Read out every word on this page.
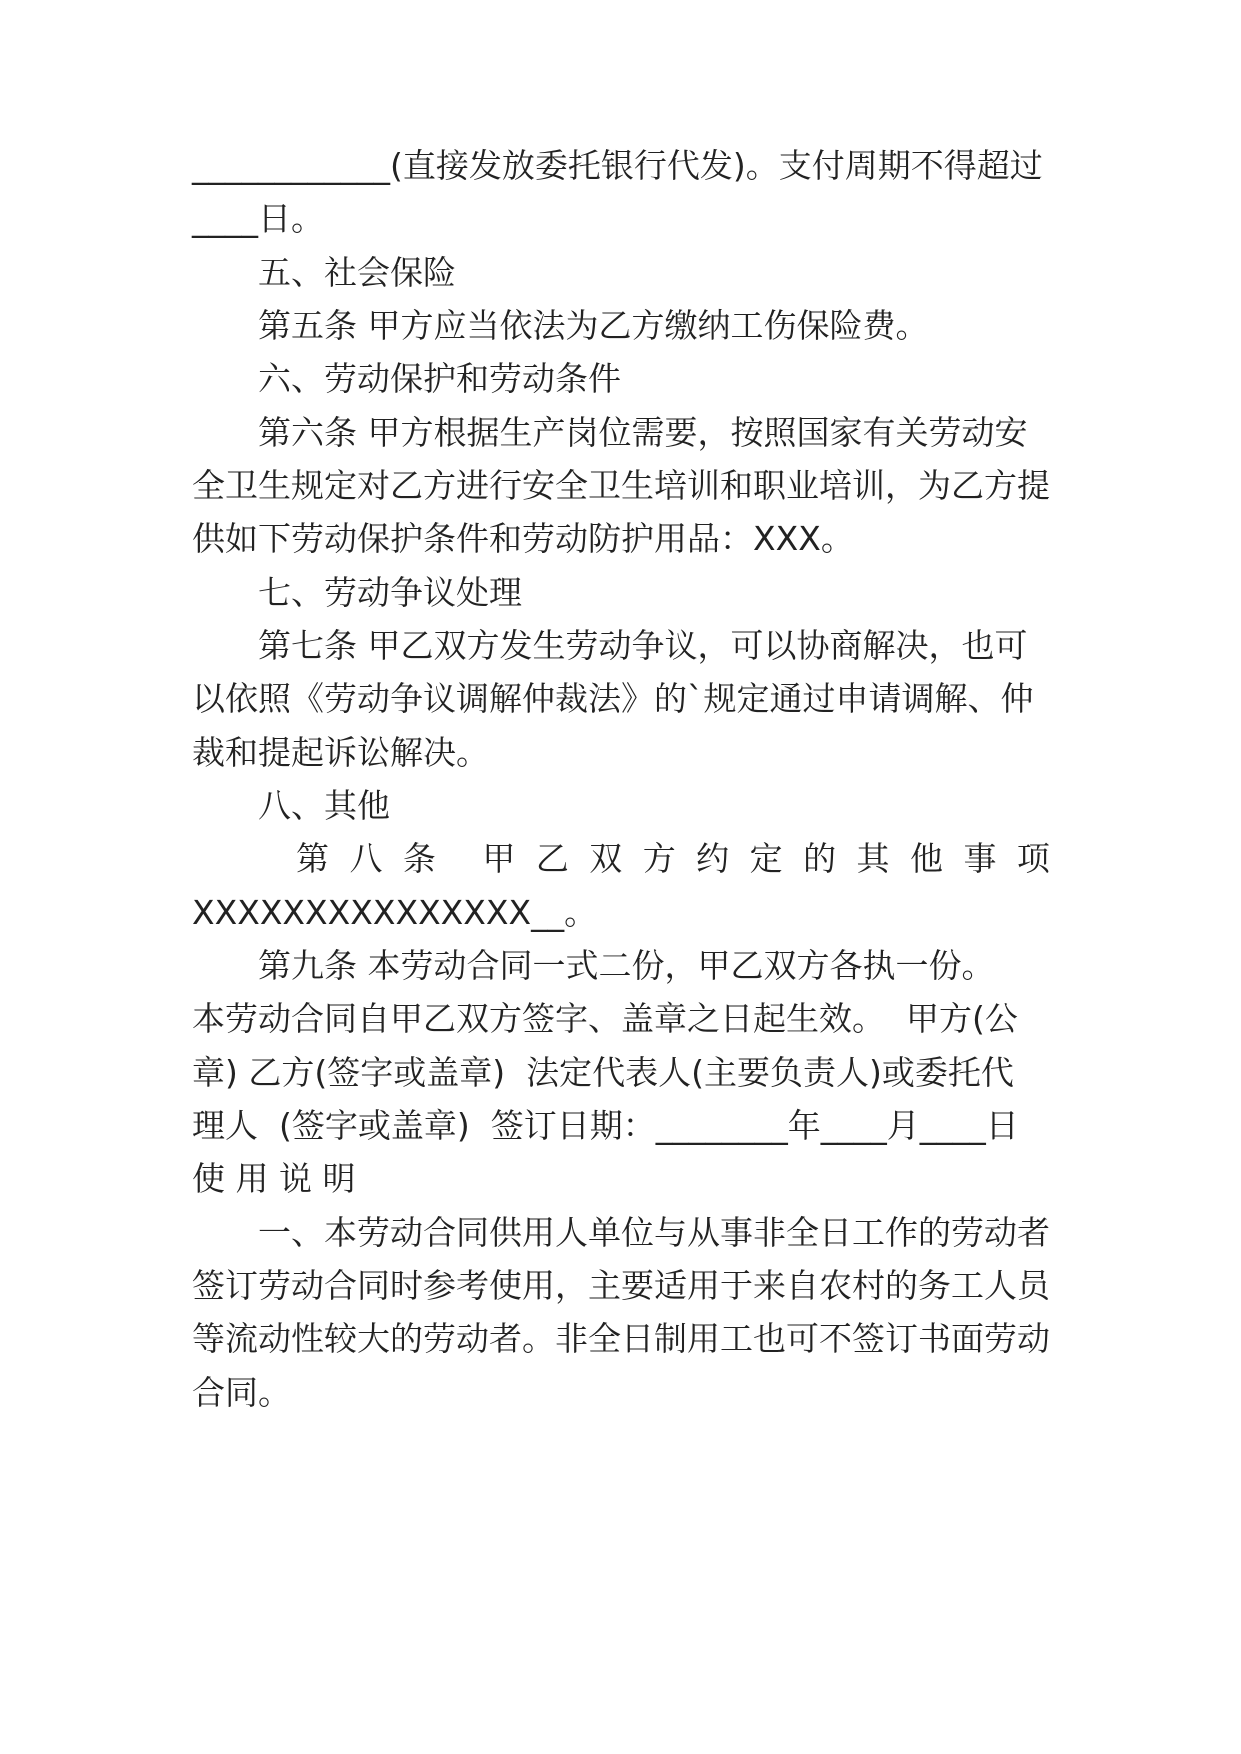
____________(直接发放委托银行代发)。支付周期不得超过
____日。
五、社会保险
第五条 甲方应当依法为乙方缴纳工伤保险费。
六、劳动保护和劳动条件
第六条 甲方根据生产岗位需要，按照国家有关劳动安
全卫生规定对乙方进行安全卫生培训和职业培训，为乙方提
供如下劳动保护条件和劳动防护用品：XXX。
七、劳动争议处理
第七条 甲乙双方发生劳动争议，可以协商解决，也可
以依照《劳动争议调解仲裁法》的`规定通过申请调解、仲
裁和提起诉讼解决。
八、其他
第 八 条 甲 乙 双 方 约 定 的 其 他 事 项
XXXXXXXXXXXXXXX__。
第九条 本劳动合同一式二份，甲乙双方各执一份。
本劳动合同自甲乙双方签字、盖章之日起生效。  甲方(公
章) 乙方(签字或盖章)  法定代表人(主要负责人)或委托代
理人  (签字或盖章)  签订日期：________年____月____日
使 用 说 明
一、本劳动合同供用人单位与从事非全日工作的劳动者
签订劳动合同时参考使用，主要适用于来自农村的务工人员
等流动性较大的劳动者。非全日制用工也可不签订书面劳动
合同。
